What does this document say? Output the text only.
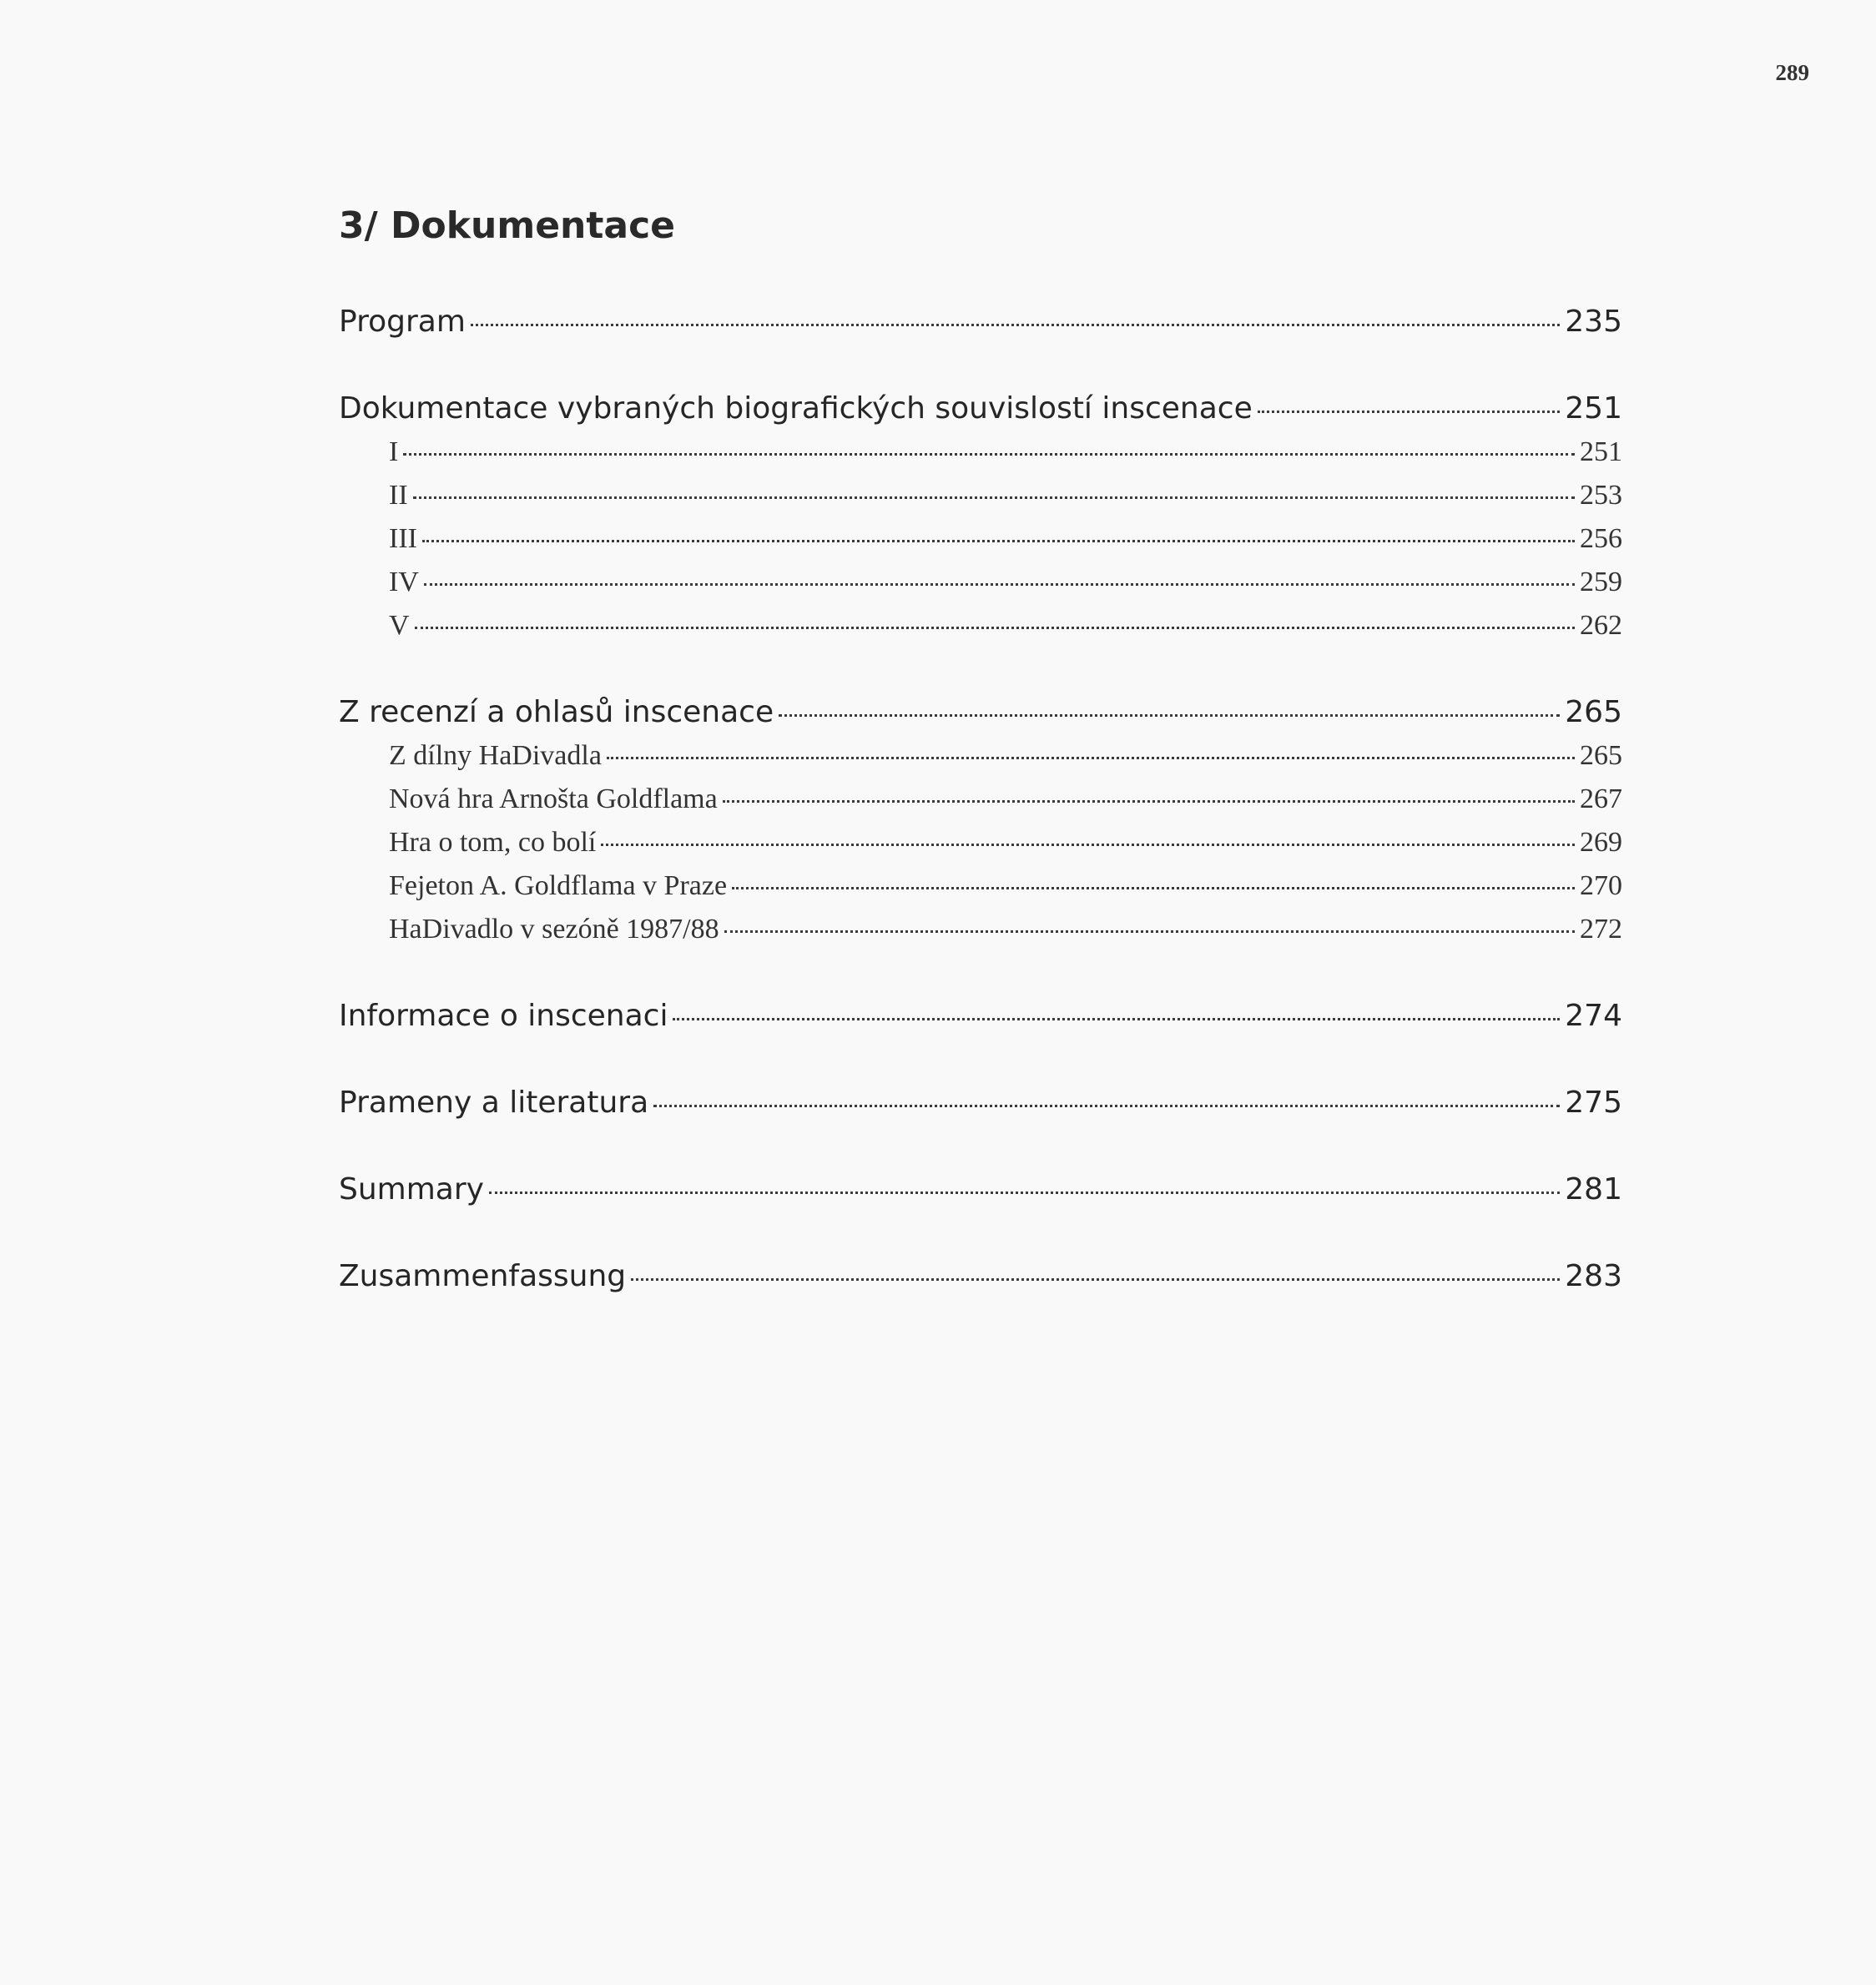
289
3/ Dokumentace
Program	235
Dokumentace vybraných biografických souvislostí inscenace	251
I	251
II	253
III	256
IV	259
V	262
Z recenzí a ohlasů inscenace	265
Z dílny HaDivadla	265
Nová hra Arnošta Goldflama	267
Hra o tom, co bolí	269
Fejeton A. Goldflama v Praze	270
HaDivadlo v sezóně 1987/88	272
Informace o inscenaci	274
Prameny a literatura	275
Summary	281
Zusammenfassung	283
